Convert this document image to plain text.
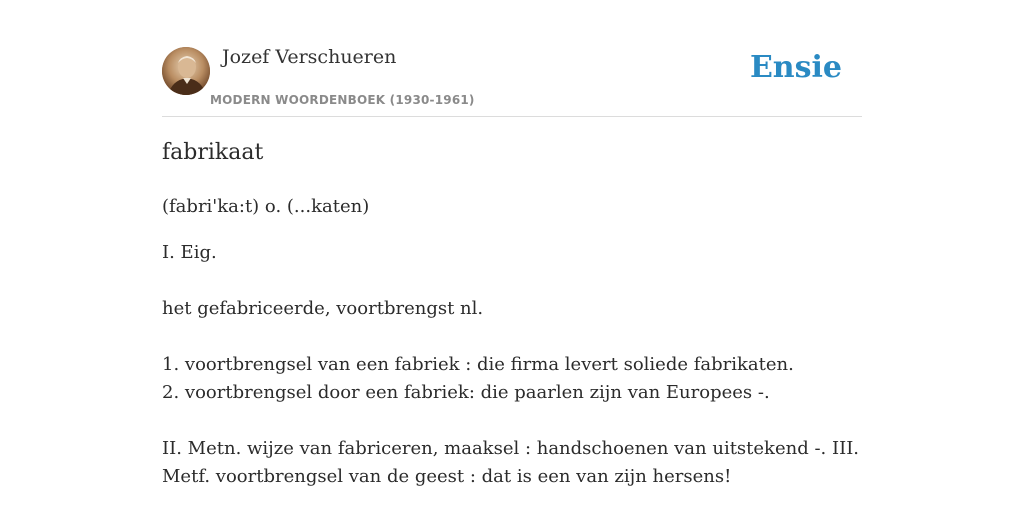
Jozef Verschueren
MODERN WOORDENBOEK (1930-1961)
Ensie
fabrikaat
(fabri'ka:t) o. (...katen)
I. Eig.
het gefabriceerde, voortbrengst nl.
1. voortbrengsel van een fabriek : die firma levert soliede fabrikaten.
2. voortbrengsel door een fabriek: die paarlen zijn van Europees -.
II. Metn. wijze van fabriceren, maaksel : handschoenen van uitstekend -. III.
Metf. voortbrengsel van de geest : dat is een van zijn hersens!
